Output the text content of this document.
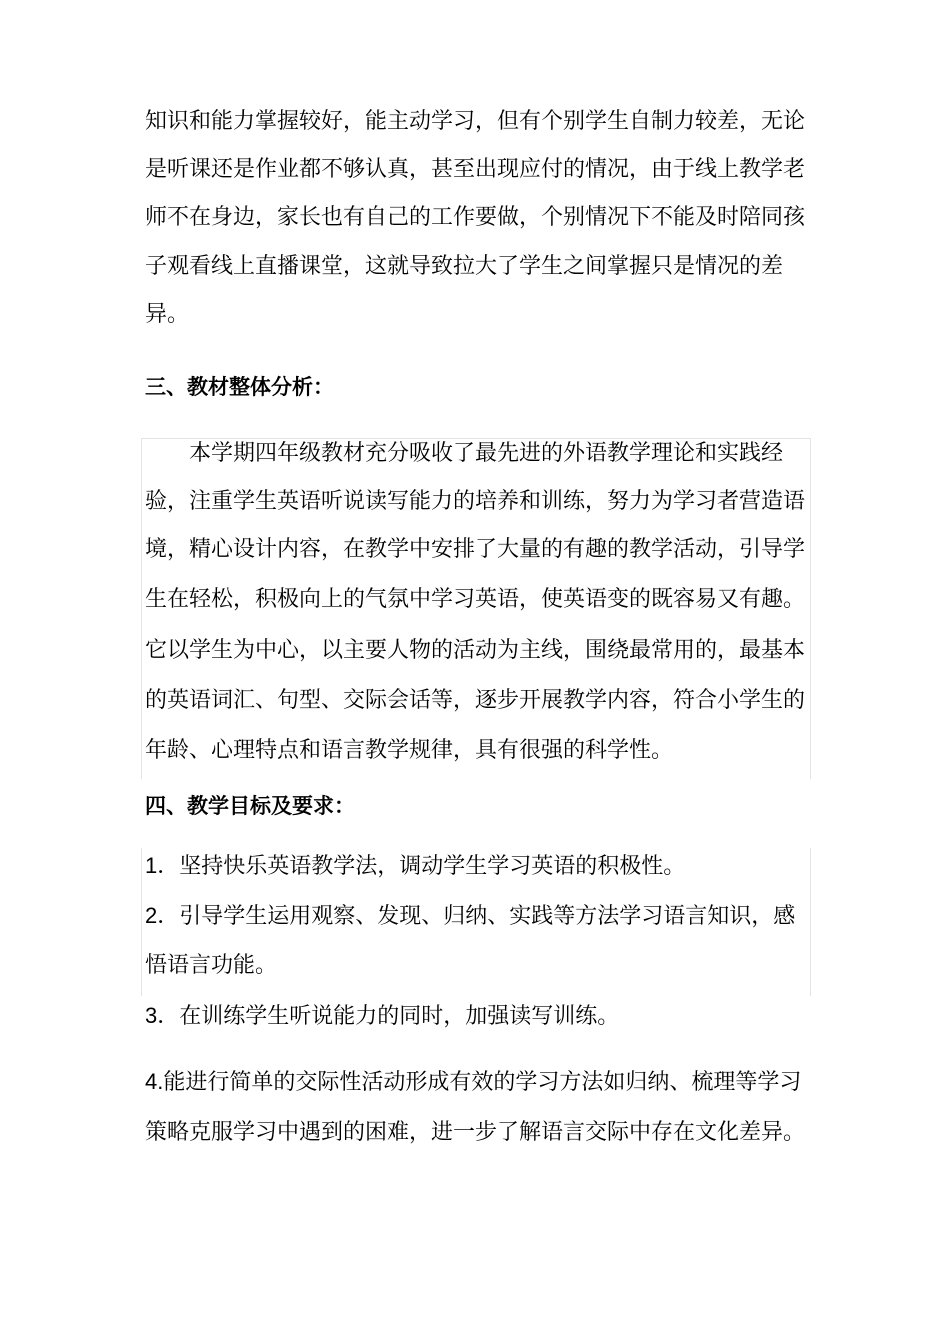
知识和能力掌握较好，能主动学习，但有个别学生自制力较差，无论
是听课还是作业都不够认真，甚至出现应付的情况，由于线上教学老
师不在身边，家长也有自己的工作要做，个别情况下不能及时陪同孩
子观看线上直播课堂，这就导致拉大了学生之间掌握只是情况的差
异。
三、教材整体分析：
本学期四年级教材充分吸收了最先进的外语教学理论和实践经
验，注重学生英语听说读写能力的培养和训练，努力为学习者营造语
境，精心设计内容，在教学中安排了大量的有趣的教学活动，引导学
生在轻松，积极向上的气氛中学习英语，使英语变的既容易又有趣。
它以学生为中心，以主要人物的活动为主线，围绕最常用的，最基本
的英语词汇、句型、交际会话等，逐步开展教学内容，符合小学生的
年龄、心理特点和语言教学规律，具有很强的科学性。
四、教学目标及要求：
1．坚持快乐英语教学法，调动学生学习英语的积极性。
2．引导学生运用观察、发现、归纳、实践等方法学习语言知识，感
悟语言功能。
3．在训练学生听说能力的同时，加强读写训练。
4.能进行简单的交际性活动形成有效的学习方法如归纳、梳理等学习
策略克服学习中遇到的困难，进一步了解语言交际中存在文化差异。
